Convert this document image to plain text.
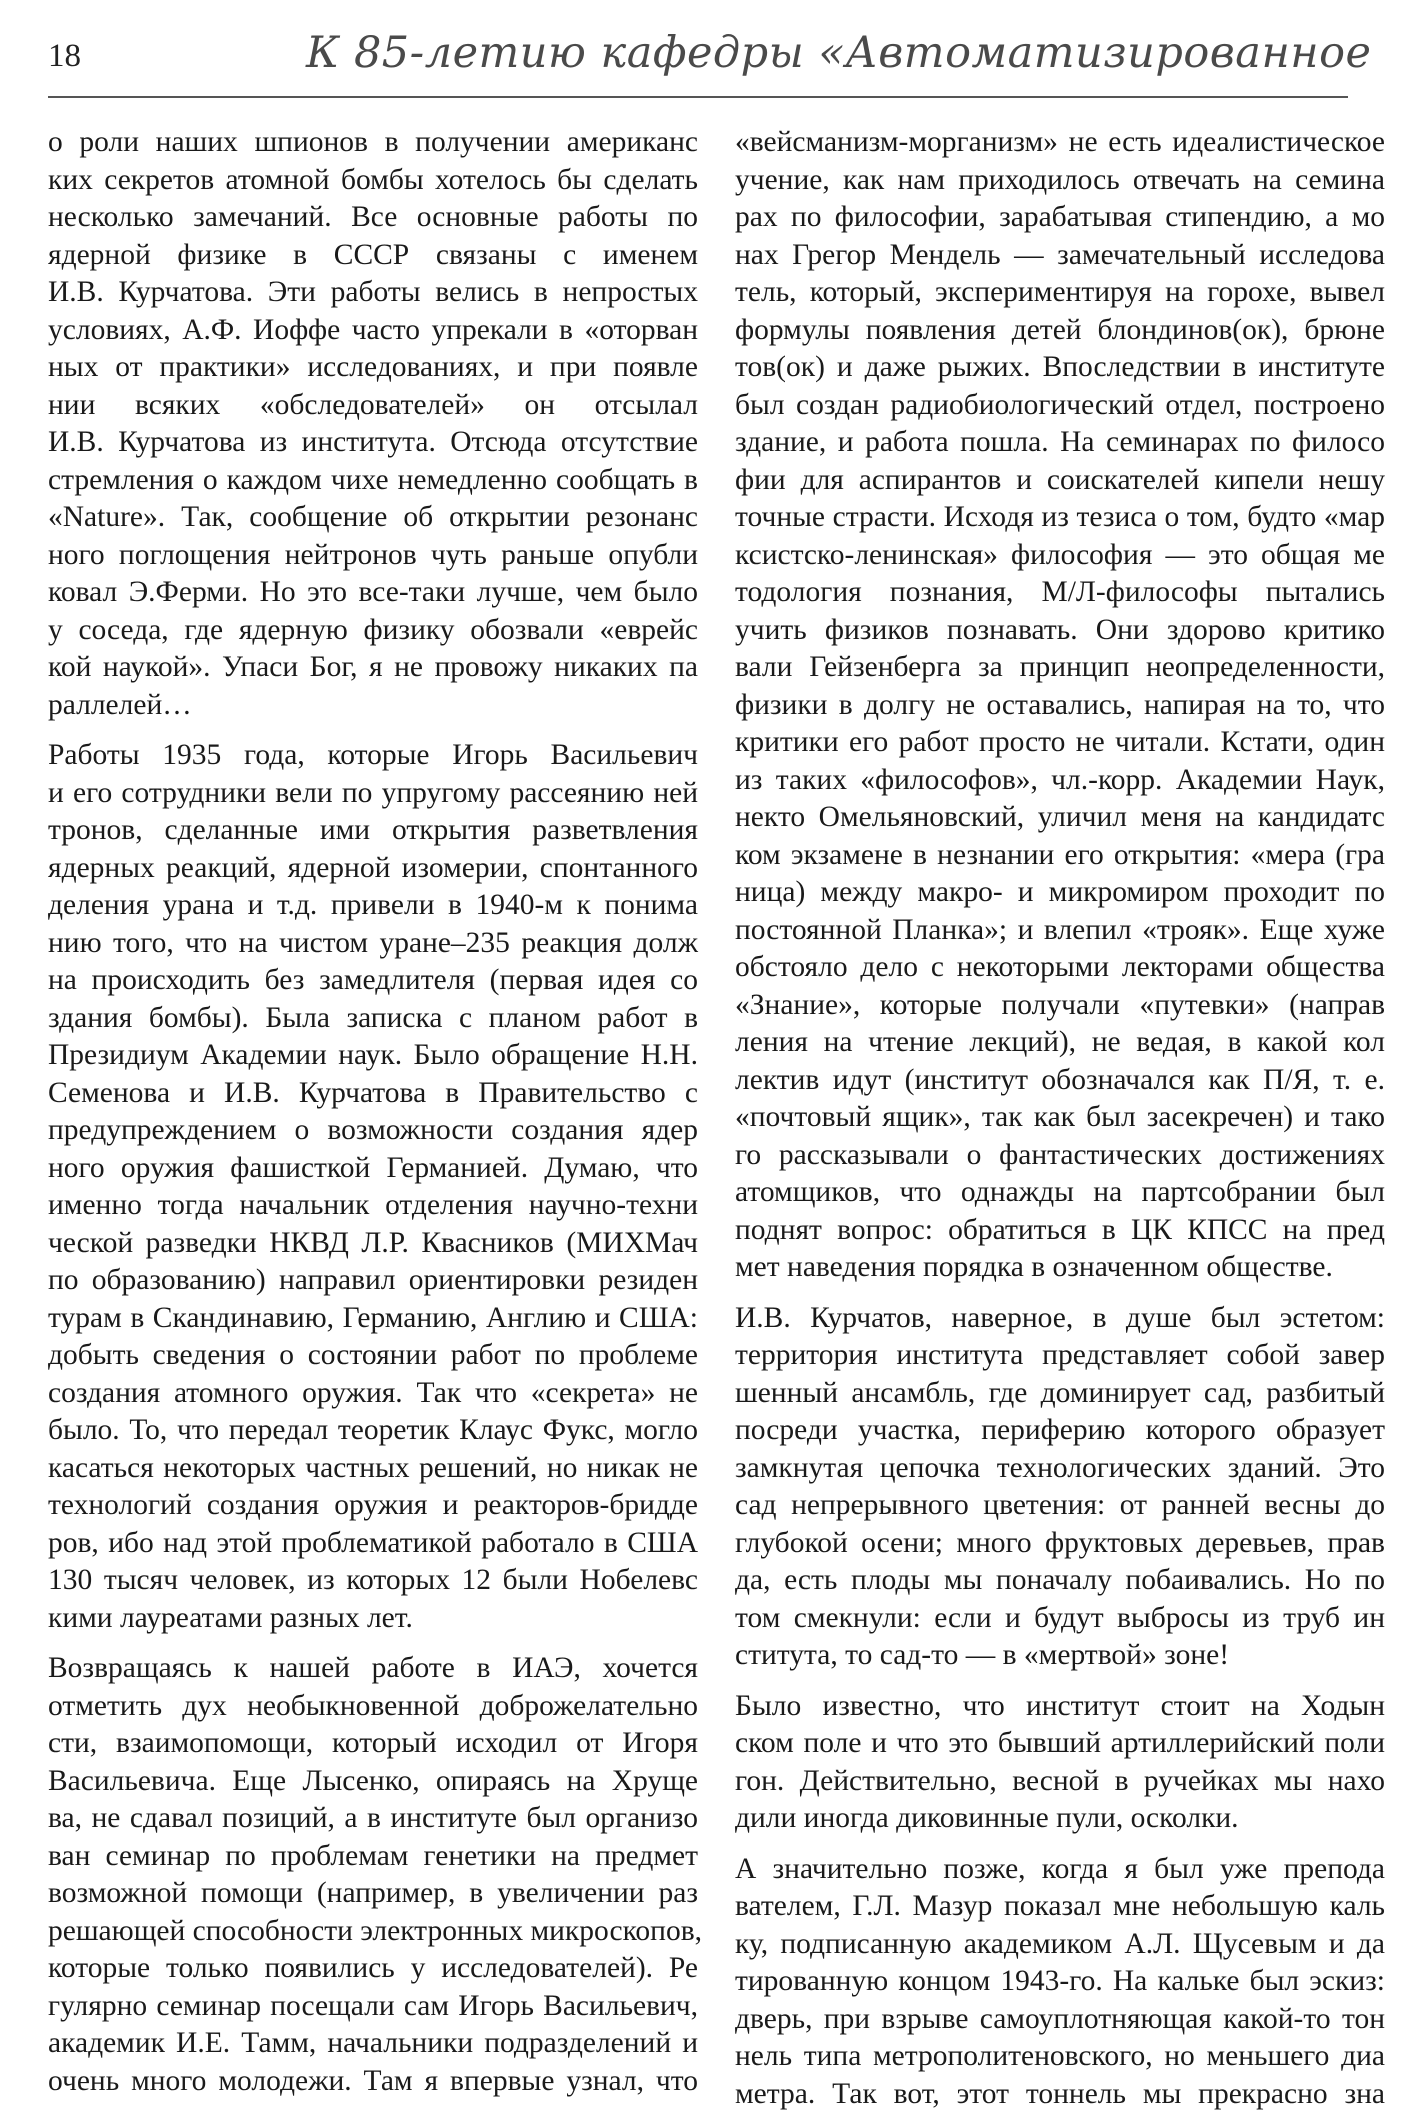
18	К 85-летию кафедры «Автоматизированное
о роли наших шпионов в получении американс
ких секретов атомной бомбы хотелось бы сделать
несколько замечаний. Все основные работы по
ядерной физике в СССР связаны с именем
И.В. Курчатова. Эти работы велись в непростых
условиях, А.Ф. Иоффе часто упрекали в «оторван
ных от практики» исследованиях, и при появле
нии всяких «обследователей» он отсылал
И.В. Курчатова из института. Отсюда отсутствие
стремления о каждом чихе немедленно сообщать в
«Nature». Так, сообщение об открытии резонанс
ного поглощения нейтронов чуть раньше опубли
ковал Э.Ферми. Но это все-таки лучше, чем было
у соседа, где ядерную физику обозвали «еврейс
кой наукой». Упаси Бог, я не провожу никаких па
раллелей…
Работы 1935 года, которые Игорь Васильевич
и его сотрудники вели по упругому рассеянию ней
тронов, сделанные ими открытия разветвления
ядерных реакций, ядерной изомерии, спонтанного
деления урана и т.д. привели в 1940-м к понима
нию того, что на чистом уране–235 реакция долж
на происходить без замедлителя (первая идея со
здания бомбы). Была записка с планом работ в
Президиум Академии наук. Было обращение Н.Н.
Семенова и И.В. Курчатова в Правительство с
предупреждением о возможности создания ядер
ного оружия фашисткой Германией. Думаю, что
именно тогда начальник отделения научно-техни
ческой разведки НКВД Л.Р. Квасников (МИХМач
по образованию) направил ориентировки резиден
турам в Скандинавию, Германию, Англию и США:
добыть сведения о состоянии работ по проблеме
создания атомного оружия. Так что «секрета» не
было. То, что передал теоретик Клаус Фукс, могло
касаться некоторых частных решений, но никак не
технологий создания оружия и реакторов-бридде
ров, ибо над этой проблематикой работало в США
130 тысяч человек, из которых 12 были Нобелевс
кими лауреатами разных лет.
Возвращаясь к нашей работе в ИАЭ, хочется
отметить дух необыкновенной доброжелательно
сти, взаимопомощи, который исходил от Игоря
Васильевича. Еще Лысенко, опираясь на Хруще
ва, не сдавал позиций, а в институте был организо
ван семинар по проблемам генетики на предмет
возможной помощи (например, в увеличении раз
решающей способности электронных микроскопов,
которые только появились у исследователей). Ре
гулярно семинар посещали сам Игорь Васильевич,
академик И.Е. Тамм, начальники подразделений и
очень много молодежи. Там я впервые узнал, что
«вейсманизм-морганизм» не есть идеалистическое
учение, как нам приходилось отвечать на семина
рах по философии, зарабатывая стипендию, а мо
нах Грегор Мендель — замечательный исследова
тель, который, экспериментируя на горохе, вывел
формулы появления детей блондинов(ок), брюне
тов(ок) и даже рыжих. Впоследствии в институте
был создан радиобиологический отдел, построено
здание, и работа пошла. На семинарах по филосо
фии для аспирантов и соискателей кипели нешу
точные страсти. Исходя из тезиса о том, будто «мар
ксистско-ленинская» философия — это общая ме
тодология познания, М/Л-философы пытались
учить физиков познавать. Они здорово критико
вали Гейзенберга за принцип неопределенности,
физики в долгу не оставались, напирая на то, что
критики его работ просто не читали. Кстати, один
из таких «философов», чл.-корр. Академии Наук,
некто Омельяновский, уличил меня на кандидатс
ком экзамене в незнании его открытия: «мера (гра
ница) между макро- и микромиром проходит по
постоянной Планка»; и влепил «трояк». Еще хуже
обстояло дело с некоторыми лекторами общества
«Знание», которые получали «путевки» (направ
ления на чтение лекций), не ведая, в какой кол
лектив идут (институт обозначался как П/Я, т. е.
«почтовый ящик», так как был засекречен) и тако
го рассказывали о фантастических достижениях
атомщиков, что однажды на партсобрании был
поднят вопрос: обратиться в ЦК КПСС на пред
мет наведения порядка в означенном обществе.
И.В. Курчатов, наверное, в душе был эстетом:
территория института представляет собой завер
шенный ансамбль, где доминирует сад, разбитый
посреди участка, периферию которого образует
замкнутая цепочка технологических зданий. Это
сад непрерывного цветения: от ранней весны до
глубокой осени; много фруктовых деревьев, прав
да, есть плоды мы поначалу побаивались. Но по
том смекнули: если и будут выбросы из труб ин
ститута, то сад-то — в «мертвой» зоне!
Было известно, что институт стоит на Ходын
ском поле и что это бывший артиллерийский поли
гон. Действительно, весной в ручейках мы нахо
дили иногда диковинные пули, осколки.
А значительно позже, когда я был уже препода
вателем, Г.Л. Мазур показал мне небольшую каль
ку, подписанную академиком А.Л. Щусевым и да
тированную концом 1943-го. На кальке был эскиз:
дверь, при взрыве самоуплотняющая какой-то тон
нель типа метрополитеновского, но меньшего диа
метра. Так вот, этот тоннель мы прекрасно зна
